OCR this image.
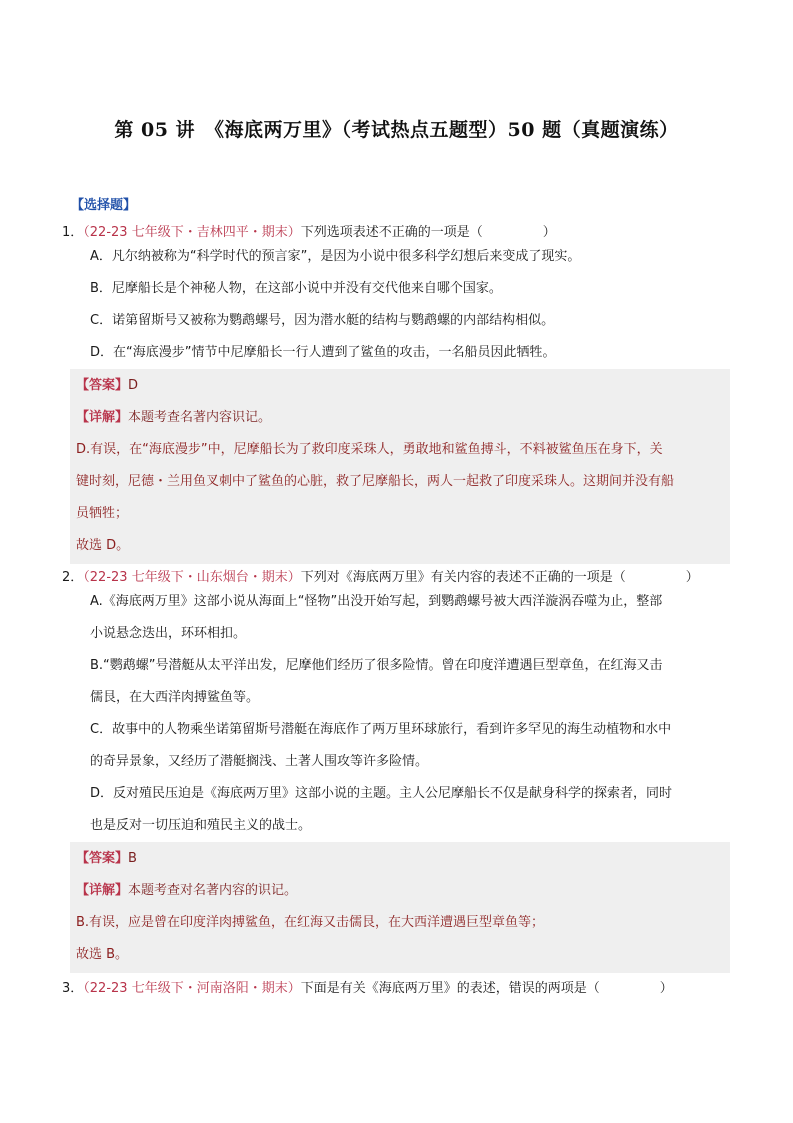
第 05 讲　《海底两万里》（考试热点五题型）50 题（真题演练）
【选择题】
1．（22-23 七年级下・吉林四平・期末）下列选项表述不正确的一项是（	）
A．凡尔纳被称为“科学时代的预言家”，是因为小说中很多科学幻想后来变成了现实。
B．尼摩船长是个神秘人物，在这部小说中并没有交代他来自哪个国家。
C．诺第留斯号又被称为鹦鹉螺号，因为潜水艇的结构与鹦鹉螺的内部结构相似。
D．在“海底漫步”情节中尼摩船长一行人遭到了鲨鱼的攻击，一名船员因此牺牲。
【答案】D
【详解】本题考查名著内容识记。
D.有误，在“海底漫步”中，尼摩船长为了救印度采珠人，勇敢地和鲨鱼搏斗，不料被鲨鱼压在身下，关
键时刻，尼德・兰用鱼叉刺中了鲨鱼的心脏，救了尼摩船长，两人一起救了印度采珠人。这期间并没有船
员牺牲；
故选 D。
2．（22-23 七年级下・山东烟台・期末）下列对《海底两万里》有关内容的表述不正确的一项是（	）
A.《海底两万里》这部小说从海面上“怪物”出没开始写起，到鹦鹉螺号被大西洋漩涡吞噬为止，整部
小说悬念迭出，环环相扣。
B.“鹦鹉螺”号潜艇从太平洋出发，尼摩他们经历了很多险情。曾在印度洋遭遇巨型章鱼，在红海又击
儒艮，在大西洋肉搏鲨鱼等。
C．故事中的人物乘坐诺第留斯号潜艇在海底作了两万里环球旅行，看到许多罕见的海生动植物和水中
的奇异景象，又经历了潜艇搁浅、土著人围攻等许多险情。
D．反对殖民压迫是《海底两万里》这部小说的主题。主人公尼摩船长不仅是献身科学的探索者，同时
也是反对一切压迫和殖民主义的战士。
【答案】B
【详解】本题考查对名著内容的识记。
B.有误，应是曾在印度洋肉搏鲨鱼，在红海又击儒艮，在大西洋遭遇巨型章鱼等；
故选 B。
3．（22-23 七年级下・河南洛阳・期末）下面是有关《海底两万里》的表述，错误的两项是（	）
